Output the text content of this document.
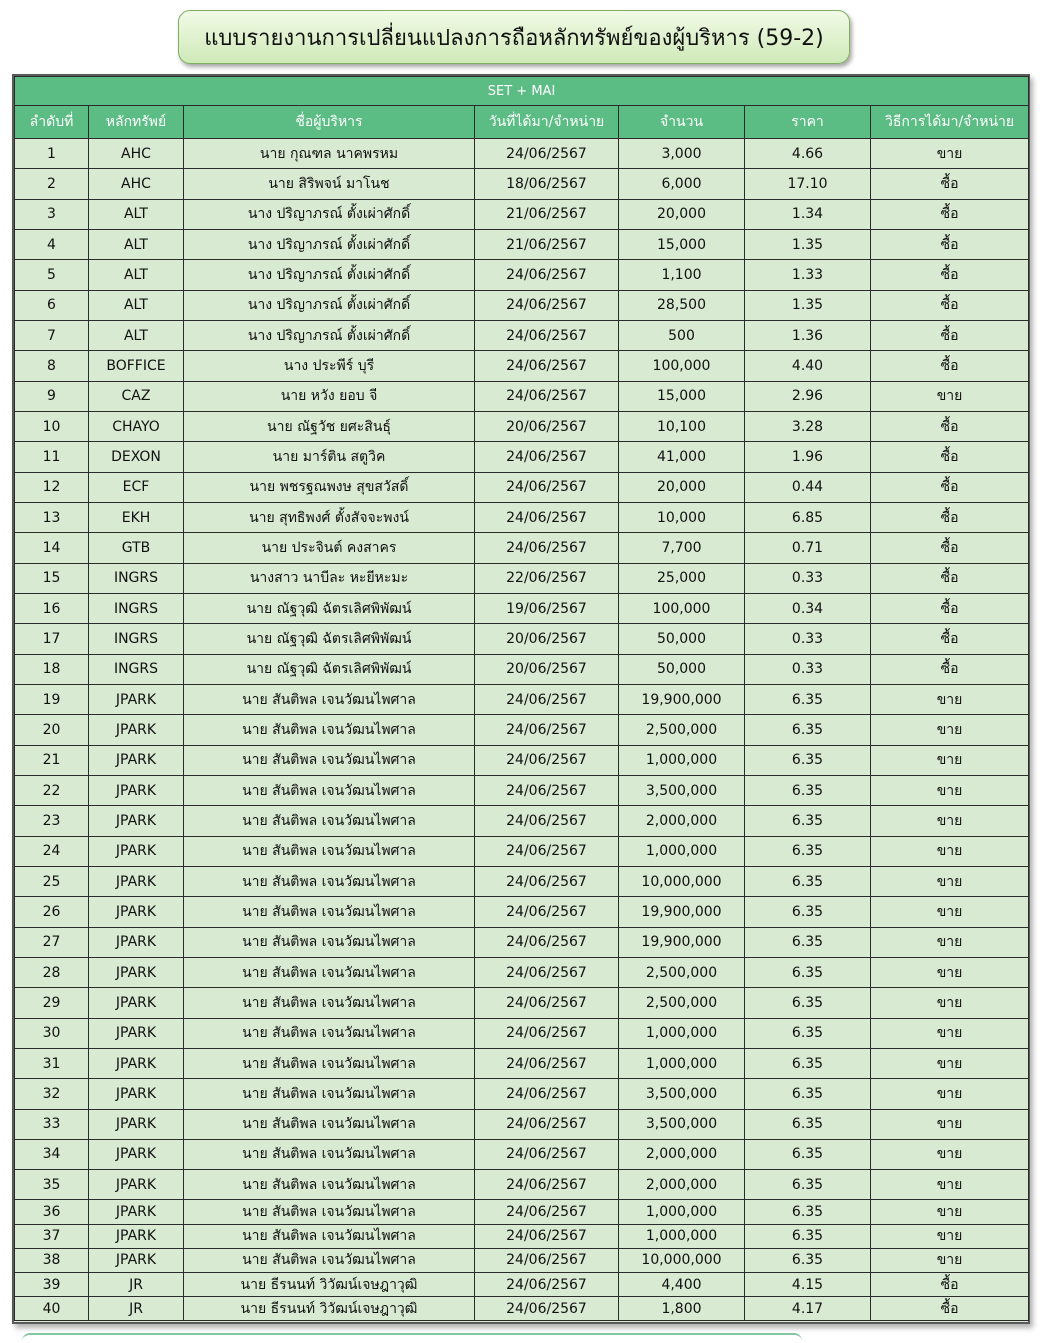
แบบรายงานการเปลี่ยนแปลงการถือหลักทรัพย์ของผู้บริหาร (59-2)
SET + MAI						
ลำดับที่	หลักทรัพย์	ชื่อผู้บริหาร	วันที่ได้มา/จำหน่าย	จำนวน	ราคา	วิธีการได้มา/จำหน่าย
1	AHC	นาย กุณฑล นาคพรหม	24/06/2567	3,000	4.66	ขาย
2	AHC	นาย สิริพจน์ มาโนช	18/06/2567	6,000	17.10	ซื้อ
3	ALT	นาง ปริญาภรณ์ ตั้งเผ่าศักดิ์	21/06/2567	20,000	1.34	ซื้อ
4	ALT	นาง ปริญาภรณ์ ตั้งเผ่าศักดิ์	21/06/2567	15,000	1.35	ซื้อ
5	ALT	นาง ปริญาภรณ์ ตั้งเผ่าศักดิ์	24/06/2567	1,100	1.33	ซื้อ
6	ALT	นาง ปริญาภรณ์ ตั้งเผ่าศักดิ์	24/06/2567	28,500	1.35	ซื้อ
7	ALT	นาง ปริญาภรณ์ ตั้งเผ่าศักดิ์	24/06/2567	500	1.36	ซื้อ
8	BOFFICE	นาง ประพีร์ บุรี	24/06/2567	100,000	4.40	ซื้อ
9	CAZ	นาย หวัง ยอบ จี	24/06/2567	15,000	2.96	ขาย
10	CHAYO	นาย ณัฐวัช ยศะสินธุ์	20/06/2567	10,100	3.28	ซื้อ
11	DEXON	นาย มาร์ติน สตูวิค	24/06/2567	41,000	1.96	ซื้อ
12	ECF	นาย พชรฐณพงษ สุขสวัสดิ์	24/06/2567	20,000	0.44	ซื้อ
13	EKH	นาย สุทธิพงศ์ ตั้งสัจจะพงน์	24/06/2567	10,000	6.85	ซื้อ
14	GTB	นาย ประจินต์ คงสาคร	24/06/2567	7,700	0.71	ซื้อ
15	INGRS	นางสาว นาบีละ หะยีหะมะ	22/06/2567	25,000	0.33	ซื้อ
16	INGRS	นาย ณัฐวุฒิ ฉัตรเลิศพิพัฒน์	19/06/2567	100,000	0.34	ซื้อ
17	INGRS	นาย ณัฐวุฒิ ฉัตรเลิศพิพัฒน์	20/06/2567	50,000	0.33	ซื้อ
18	INGRS	นาย ณัฐวุฒิ ฉัตรเลิศพิพัฒน์	20/06/2567	50,000	0.33	ซื้อ
19	JPARK	นาย สันติพล เจนวัฒนไพศาล	24/06/2567	19,900,000	6.35	ขาย
20	JPARK	นาย สันติพล เจนวัฒนไพศาล	24/06/2567	2,500,000	6.35	ขาย
21	JPARK	นาย สันติพล เจนวัฒนไพศาล	24/06/2567	1,000,000	6.35	ขาย
22	JPARK	นาย สันติพล เจนวัฒนไพศาล	24/06/2567	3,500,000	6.35	ขาย
23	JPARK	นาย สันติพล เจนวัฒนไพศาล	24/06/2567	2,000,000	6.35	ขาย
24	JPARK	นาย สันติพล เจนวัฒนไพศาล	24/06/2567	1,000,000	6.35	ขาย
25	JPARK	นาย สันติพล เจนวัฒนไพศาล	24/06/2567	10,000,000	6.35	ขาย
26	JPARK	นาย สันติพล เจนวัฒนไพศาล	24/06/2567	19,900,000	6.35	ขาย
27	JPARK	นาย สันติพล เจนวัฒนไพศาล	24/06/2567	19,900,000	6.35	ขาย
28	JPARK	นาย สันติพล เจนวัฒนไพศาล	24/06/2567	2,500,000	6.35	ขาย
29	JPARK	นาย สันติพล เจนวัฒนไพศาล	24/06/2567	2,500,000	6.35	ขาย
30	JPARK	นาย สันติพล เจนวัฒนไพศาล	24/06/2567	1,000,000	6.35	ขาย
31	JPARK	นาย สันติพล เจนวัฒนไพศาล	24/06/2567	1,000,000	6.35	ขาย
32	JPARK	นาย สันติพล เจนวัฒนไพศาล	24/06/2567	3,500,000	6.35	ขาย
33	JPARK	นาย สันติพล เจนวัฒนไพศาล	24/06/2567	3,500,000	6.35	ขาย
34	JPARK	นาย สันติพล เจนวัฒนไพศาล	24/06/2567	2,000,000	6.35	ขาย
35	JPARK	นาย สันติพล เจนวัฒนไพศาล	24/06/2567	2,000,000	6.35	ขาย
36	JPARK	นาย สันติพล เจนวัฒนไพศาล	24/06/2567	1,000,000	6.35	ขาย
37	JPARK	นาย สันติพล เจนวัฒนไพศาล	24/06/2567	1,000,000	6.35	ขาย
38	JPARK	นาย สันติพล เจนวัฒนไพศาล	24/06/2567	10,000,000	6.35	ขาย
39	JR	นาย ธีรนนท์ วิวัฒน์เจษฎาวุฒิ	24/06/2567	4,400	4.15	ซื้อ
40	JR	นาย ธีรนนท์ วิวัฒน์เจษฎาวุฒิ	24/06/2567	1,800	4.17	ซื้อ
